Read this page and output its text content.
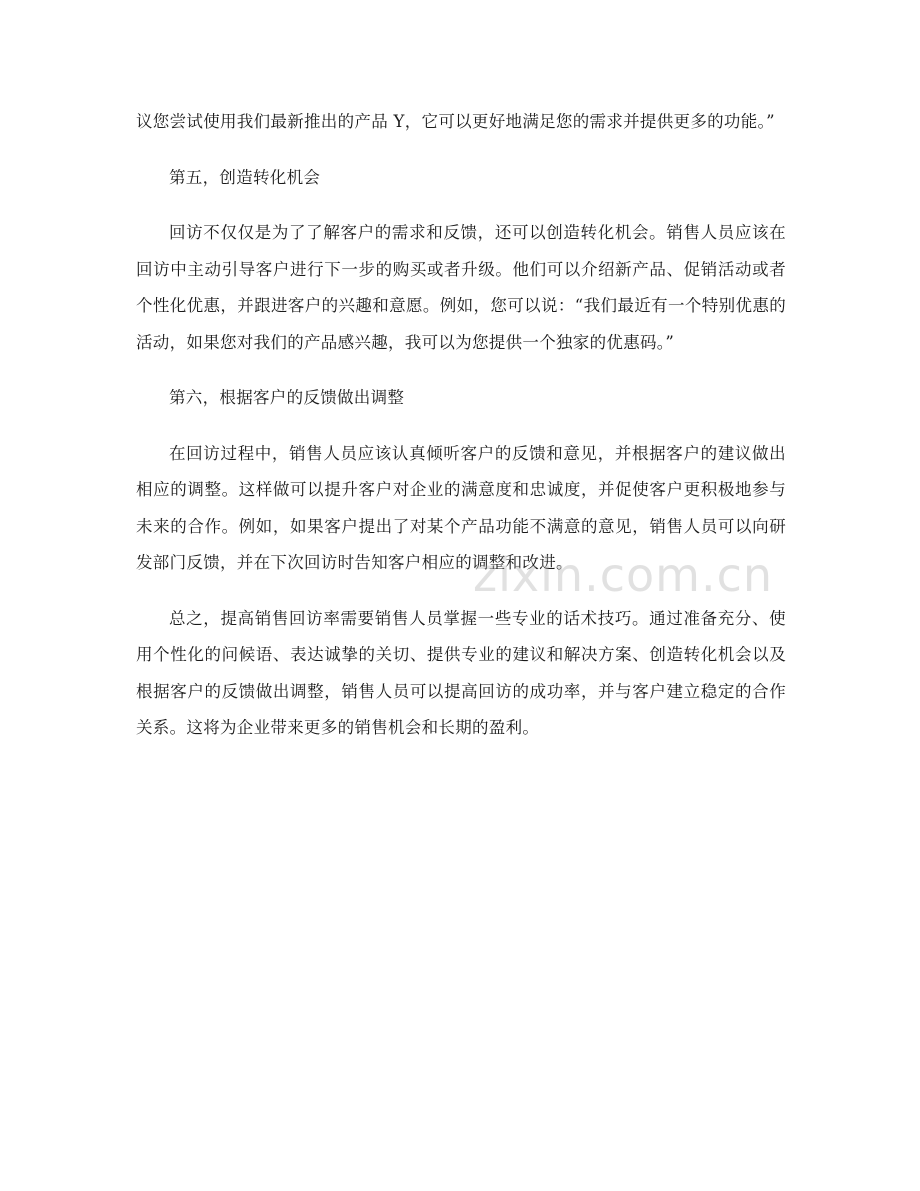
议您尝试使用我们最新推出的产品 Y，它可以更好地满足您的需求并提供更多的功能。”

第五，创造转化机会

回访不仅仅是为了了解客户的需求和反馈，还可以创造转化机会。销售人员应该在回访中主动引导客户进行下一步的购买或者升级。他们可以介绍新产品、促销活动或者个性化优惠，并跟进客户的兴趣和意愿。例如，您可以说：“我们最近有一个特别优惠的活动，如果您对我们的产品感兴趣，我可以为您提供一个独家的优惠码。”

第六，根据客户的反馈做出调整

在回访过程中，销售人员应该认真倾听客户的反馈和意见，并根据客户的建议做出相应的调整。这样做可以提升客户对企业的满意度和忠诚度，并促使客户更积极地参与未来的合作。例如，如果客户提出了对某个产品功能不满意的意见，销售人员可以向研发部门反馈，并在下次回访时告知客户相应的调整和改进。

总之，提高销售回访率需要销售人员掌握一些专业的话术技巧。通过准备充分、使用个性化的问候语、表达诚挚的关切、提供专业的建议和解决方案、创造转化机会以及根据客户的反馈做出调整，销售人员可以提高回访的成功率，并与客户建立稳定的合作关系。这将为企业带来更多的销售机会和长期的盈利。

zixin.com.cn
